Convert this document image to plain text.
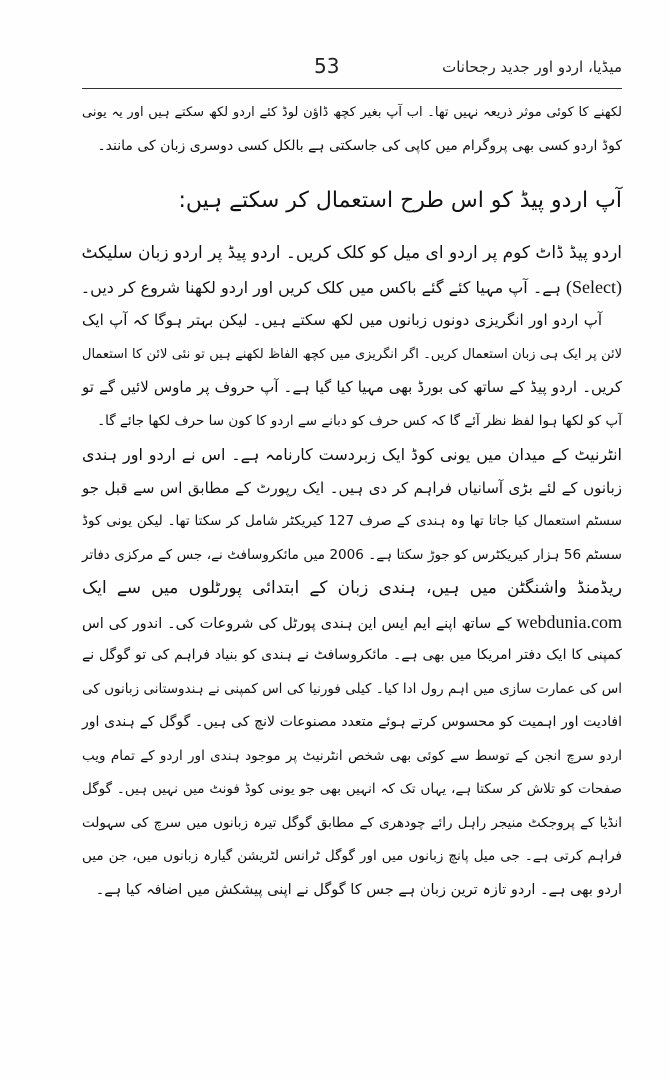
53	میڈیا، اردو اور جدید رجحانات
لکھنے کا کوئی موثر ذریعہ نہیں تھا۔ اب آپ بغیر کچھ ڈاؤن لوڈ کئے اردو لکھ سکتے ہیں اور یہ یونی
کوڈ اردو کسی بھی پروگرام میں کاپی کی جاسکتی ہے بالکل کسی دوسری زبان کی مانند۔
آپ اردو پیڈ کو اس طرح استعمال کر سکتے ہیں:
اردو پیڈ ڈاٹ کوم پر اردو ای میل کو کلک کریں۔ اردو پیڈ پر اردو زبان سلیکٹ
(Select) ہے۔ آپ مہیا کئے گئے باکس میں کلک کریں اور اردو لکھنا شروع کر دیں۔
آپ اردو اور انگریزی دونوں زبانوں میں لکھ سکتے ہیں۔ لیکن بہتر ہوگا کہ آپ ایک
لائن پر ایک ہی زبان استعمال کریں۔ اگر انگریزی میں کچھ الفاظ لکھنے ہیں تو نئی لائن کا استعمال
کریں۔ اردو پیڈ کے ساتھ کی بورڈ بھی مہیا کیا گیا ہے۔ آپ حروف پر ماوس لائیں گے تو
آپ کو لکھا ہوا لفظ نظر آئے گا کہ کس حرف کو دبانے سے اردو کا کون سا حرف لکھا جائے گا۔
انٹرنیٹ کے میدان میں یونی کوڈ ایک زبردست کارنامہ ہے۔ اس نے اردو اور ہندی
زبانوں کے لئے بڑی آسانیاں فراہم کر دی ہیں۔ ایک رپورٹ کے مطابق اس سے قبل جو
سسٹم استعمال کیا جاتا تھا وہ ہندی کے صرف 127 کیریکٹر شامل کر سکتا تھا۔ لیکن یونی کوڈ
سسٹم 56 ہزار کیریکٹرس کو جوڑ سکتا ہے۔ 2006 میں مائکروسافٹ نے، جس کے مرکزی دفاتر
ریڈمنڈ واشنگٹن میں ہیں، ہندی زبان کے ابتدائی پورٹلوں میں سے ایک
webdunia.com کے ساتھ اپنے ایم ایس این ہندی پورٹل کی شروعات کی۔ اندور کی اس
کمپنی کا ایک دفتر امریکا میں بھی ہے۔ مائکروسافٹ نے ہندی کو بنیاد فراہم کی تو گوگل نے
اس کی عمارت سازی میں اہم رول ادا کیا۔ کیلی فورنیا کی اس کمپنی نے ہندوستانی زبانوں کی
افادیت اور اہمیت کو محسوس کرتے ہوئے متعدد مصنوعات لانچ کی ہیں۔ گوگل کے ہندی اور
اردو سرچ انجن کے توسط سے کوئی بھی شخص انٹرنیٹ پر موجود ہندی اور اردو کے تمام ویب
صفحات کو تلاش کر سکتا ہے، یہاں تک کہ انہیں بھی جو یونی کوڈ فونٹ میں نہیں ہیں۔ گوگل
انڈیا کے پروجکٹ منیجر راہل رائے چودھری کے مطابق گوگل تیرہ زبانوں میں سرچ کی سہولت
فراہم کرتی ہے۔ جی میل پانچ زبانوں میں اور گوگل ٹرانس لٹریشن گیارہ زبانوں میں، جن میں
اردو بھی ہے۔ اردو تازہ ترین زبان ہے جس کا گوگل نے اپنی پیشکش میں اضافہ کیا ہے۔
